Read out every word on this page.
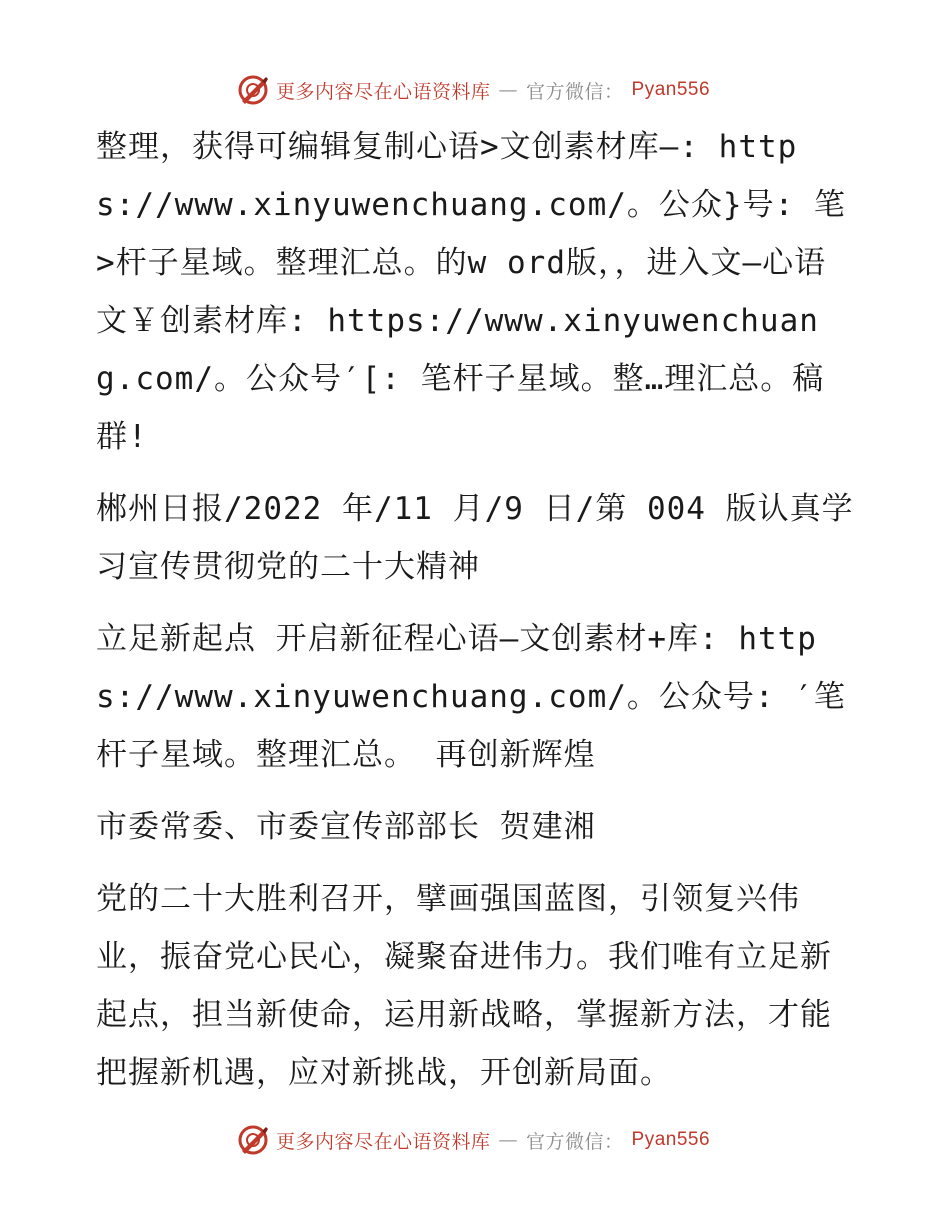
更多内容尽在心语资料库 — 官方微信： Pyan556

整理，获得可编辑复制心语>文创素材库—: https://www.xinyuwenchuang.com/。公众}号: 笔>杆子星域。整理汇总。的w ord版，，进入文—心语文￥创素材库: https://www.xinyuwenchuang.com/。公众号′[: 笔杆子星域。整…理汇总。稿群!

郴州日报/2022 年/11 月/9 日/第 004 版认真学习宣传贯彻党的二十大精神

立足新起点 开启新征程心语—文创素材+库: https://www.xinyuwenchuang.com/。公众号: ′笔杆子星域。整理汇总。 再创新辉煌

市委常委、市委宣传部部长 贺建湘

党的二十大胜利召开，擘画强国蓝图，引领复兴伟业，振奋党心民心，凝聚奋进伟力。我们唯有立足新起点，担当新使命，运用新战略，掌握新方法，才能把握新机遇，应对新挑战，开创新局面。

更多内容尽在心语资料库 — 官方微信： Pyan556
